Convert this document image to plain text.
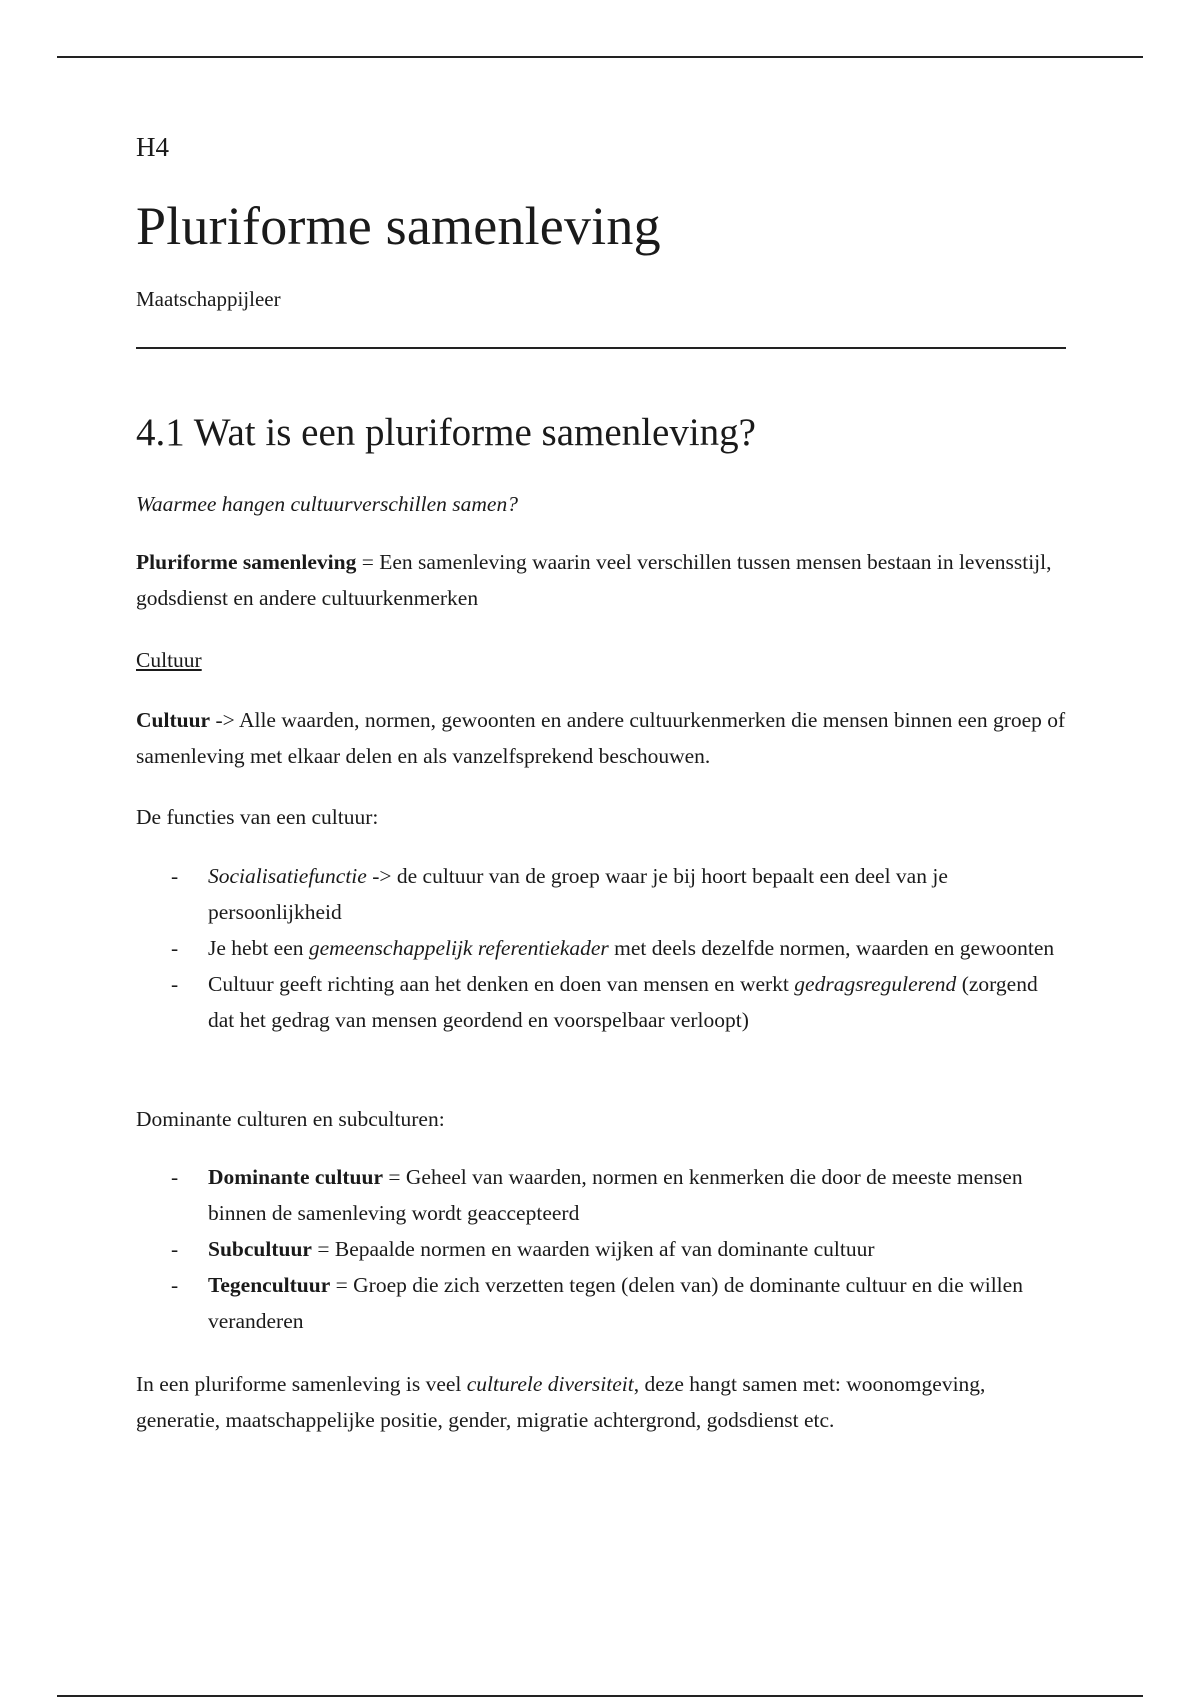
H4

Pluriforme samenleving

Maatschappijleer

4.1 Wat is een pluriforme samenleving?

Waarmee hangen cultuurverschillen samen?

Pluriforme samenleving = Een samenleving waarin veel verschillen tussen mensen bestaan in levensstijl, godsdienst en andere cultuurkenmerken

Cultuur

Cultuur -> Alle waarden, normen, gewoonten en andere cultuurkenmerken die mensen binnen een groep of samenleving met elkaar delen en als vanzelfsprekend beschouwen.

De functies van een cultuur:

- Socialisatiefunctie -> de cultuur van de groep waar je bij hoort bepaalt een deel van je persoonlijkheid
- Je hebt een gemeenschappelijk referentiekader met deels dezelfde normen, waarden en gewoonten
- Cultuur geeft richting aan het denken en doen van mensen en werkt gedragsregulerend (zorgend dat het gedrag van mensen geordend en voorspelbaar verloopt)

Dominante culturen en subculturen:

- Dominante cultuur = Geheel van waarden, normen en kenmerken die door de meeste mensen binnen de samenleving wordt geaccepteerd
- Subcultuur = Bepaalde normen en waarden wijken af van dominante cultuur
- Tegencultuur = Groep die zich verzetten tegen (delen van) de dominante cultuur en die willen veranderen

In een pluriforme samenleving is veel culturele diversiteit, deze hangt samen met: woonomgeving, generatie, maatschappelijke positie, gender, migratie achtergrond, godsdienst etc.
